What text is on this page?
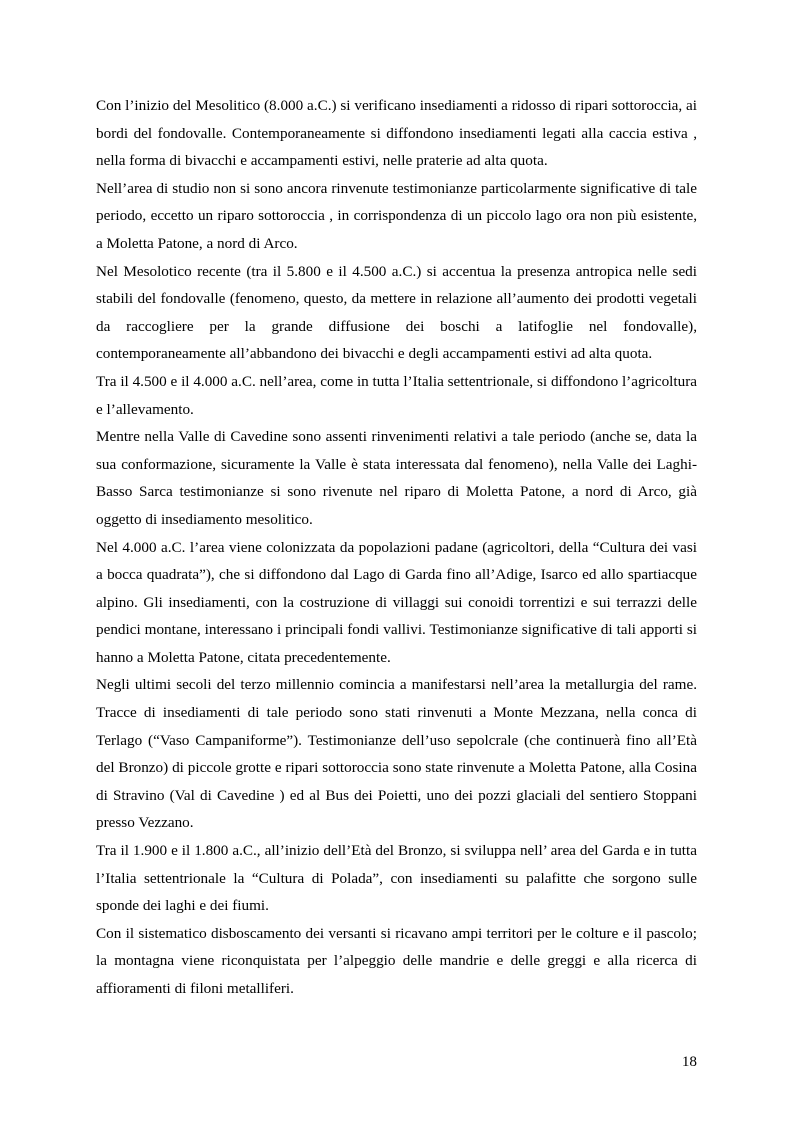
Con l’inizio del Mesolitico (8.000 a.C.) si verificano insediamenti a ridosso di ripari sottoroccia, ai bordi del fondovalle. Contemporaneamente si diffondono insediamenti legati alla caccia estiva , nella forma di bivacchi e accampamenti estivi, nelle praterie ad alta quota.

Nell’area di studio non si sono ancora rinvenute testimonianze particolarmente significative di tale periodo, eccetto un riparo sottoroccia , in corrispondenza di un piccolo lago ora non più esistente, a Moletta Patone, a nord di Arco.

Nel Mesolotico recente (tra il 5.800 e il 4.500 a.C.) si accentua la presenza antropica nelle sedi stabili del fondovalle (fenomeno, questo, da mettere in relazione all’aumento dei prodotti vegetali da raccogliere per la grande diffusione dei boschi a latifoglie nel fondovalle), contemporaneamente all’abbandono dei bivacchi e degli accampamenti estivi ad alta quota.

Tra il 4.500 e il 4.000 a.C. nell’area, come in tutta l’Italia settentrionale, si diffondono l’agricoltura e l’allevamento.

Mentre nella Valle di Cavedine sono assenti rinvenimenti relativi a tale periodo (anche se, data la sua conformazione, sicuramente la Valle è stata interessata dal fenomeno), nella Valle dei Laghi-Basso Sarca testimonianze si sono rivenute nel riparo di Moletta Patone, a nord di Arco, già oggetto di insediamento mesolitico.

Nel 4.000 a.C. l’area viene colonizzata da popolazioni padane (agricoltori, della “Cultura dei vasi a bocca quadrata”), che si diffondono dal Lago di Garda fino all’Adige, Isarco ed allo spartiacque alpino. Gli insediamenti, con la costruzione di villaggi sui conoidi torrentizi e sui terrazzi delle pendici montane, interessano i principali fondi vallivi. Testimonianze significative di tali apporti si hanno a Moletta Patone, citata precedentemente.

Negli ultimi secoli del terzo millennio comincia a manifestarsi nell’area la metallurgia del rame. Tracce di insediamenti di tale periodo sono stati rinvenuti a Monte Mezzana, nella conca di Terlago (“Vaso Campaniforme”). Testimonianze dell’uso sepolcrale (che continuerà fino all’Età del Bronzo) di piccole grotte e ripari sottoroccia sono state rinvenute a Moletta Patone, alla Cosina di Stravino (Val di Cavedine ) ed al Bus dei Poietti, uno dei pozzi glaciali del sentiero Stoppani presso Vezzano.

Tra il 1.900 e il 1.800 a.C., all’inizio dell’Età del Bronzo, si sviluppa nell’ area del Garda e in tutta l’Italia settentrionale la “Cultura di Polada”, con insediamenti su palafitte che sorgono sulle sponde dei laghi e dei fiumi.

Con il sistematico disboscamento dei versanti si ricavano ampi territori per le colture e il pascolo; la montagna viene riconquistata per l’alpeggio delle mandrie e delle greggi e alla ricerca di affioramenti di filoni metalliferi.

18
